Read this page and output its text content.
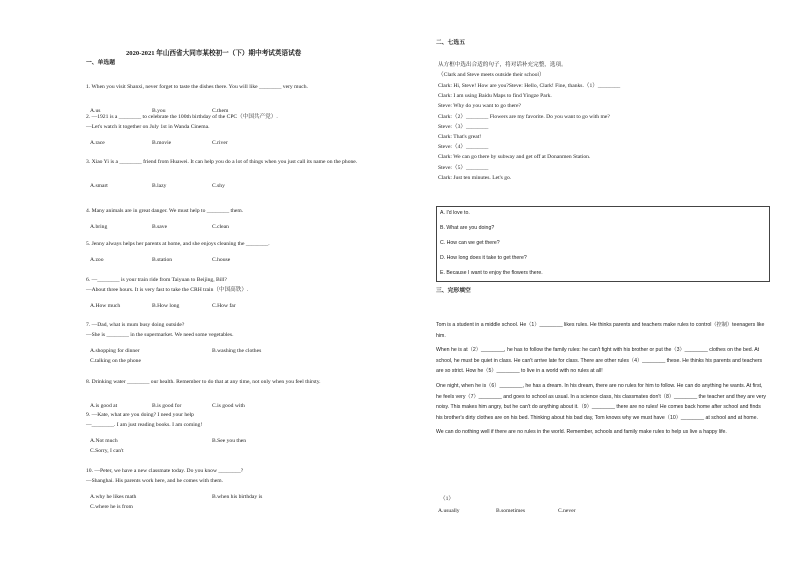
2020-2021 年山西省大同市某校初一（下）期中考试英语试卷
一、单选题
1. When you visit Shanxi, never forget to taste the dishes there. You will like ________ very much.
A.us	B.you	C.them
2. —1921 is a ________ to celebrate the 100th birthday of the CPC（中国共产党）.
—Let's watch it together on July 1st in Wanda Cinema.
A.race	B.movie	C.river
3. Xiao Yi is a ________ friend from Huawei. It can help you do a lot of things when you just call its name on the phone.
A.smart	B.lazy	C.shy
4. Many animals are in great danger. We must help to ________ them.
A.bring	B.save	C.clean
5. Jenny always helps her parents at home, and she enjoys cleaning the ________.
A.zoo	B.station	C.house
6. —________ is your train ride from Taiyuan to Beijing, Bill?
—About three hours. It is very fast to take the CRH train（中国高铁）.
A.How much	B.How long	C.How far
7. —Dad, what is mum busy doing outside?
—She is ________ in the supermarket. We need some vegetables.
A.shopping for dinner	B.washing the clothes
C.talking on the phone
8. Drinking water ________ our health. Remember to do that at any time, not only when you feel thirsty.
A.is good at	B.is good for	C.is good with
9. —Kate, what are you doing? I need your help
—________. I am just reading books. I am coming!
A.Not much	B.See you then
C.Sorry, I can't
10. —Peter, we have a new classmate today. Do you know ________?
—Shanghai. His parents work here, and he comes with them.
A.why he likes math	B.when his birthday is
C.where he is from
二、七选五
从方框中选出合适的句子，将对话补充完整，选项。
（Clark and Steve meets outside their school）
A. I'd love to.
B. What are you doing?
C. How can we get there?
D. How long does it take to get there?
E. Because I want to enjoy the flowers there.
三、完形填空

Tom is a student in a middle school. He（1）________ likes rules. He thinks parents and teachers make rules to control（控制）teenagers like him.

When he is at（2）________, he has to follow the family rules: he can't fight with his brother or put the（3）________ clothes on the bed. At school, he must be quiet in class. He can't arrive late for class. There are other rules（4）________ these. He thinks his parents and teachers are so strict. How he（5）________ to live in a world with no rules at all!

One night, when he is（6）________, he has a dream. In his dream, there are no rules for him to follow. He can do anything he wants. At first, he feels very（7）________ and goes to school as usual. In a science class, his classmates don't（8）________ the teacher and they are very noisy. This makes him angry, but he can't do anything about it.（9）________ there are no rules! He comes back home after school and finds his brother's dirty clothes are on his bed. Thinking about his bad day, Tom knows why we must have（10）________ at school and at home.

We can do nothing well if there are no rules in the world. Remember, schools and family make rules to help us live a happy life.

（1）
A.usually	B.sometimes	C.never
Clark: Hi, Steve! How are you?Steve: Hello, Clark! Fine, thanks.（1）________
Clark: I am using Baidu Maps to find Yingze Park.
Steve: Why do you want to go there?
Clark:（2）________ Flowers are my favorite. Do you want to go with me?
Steve:（3）________
Clark: That's great!
Steve:（4）________
Clark: We can go there by subway and get off at Donanmen Station.
Steve:（5）________
Clark: Just ten minutes. Let's go.
